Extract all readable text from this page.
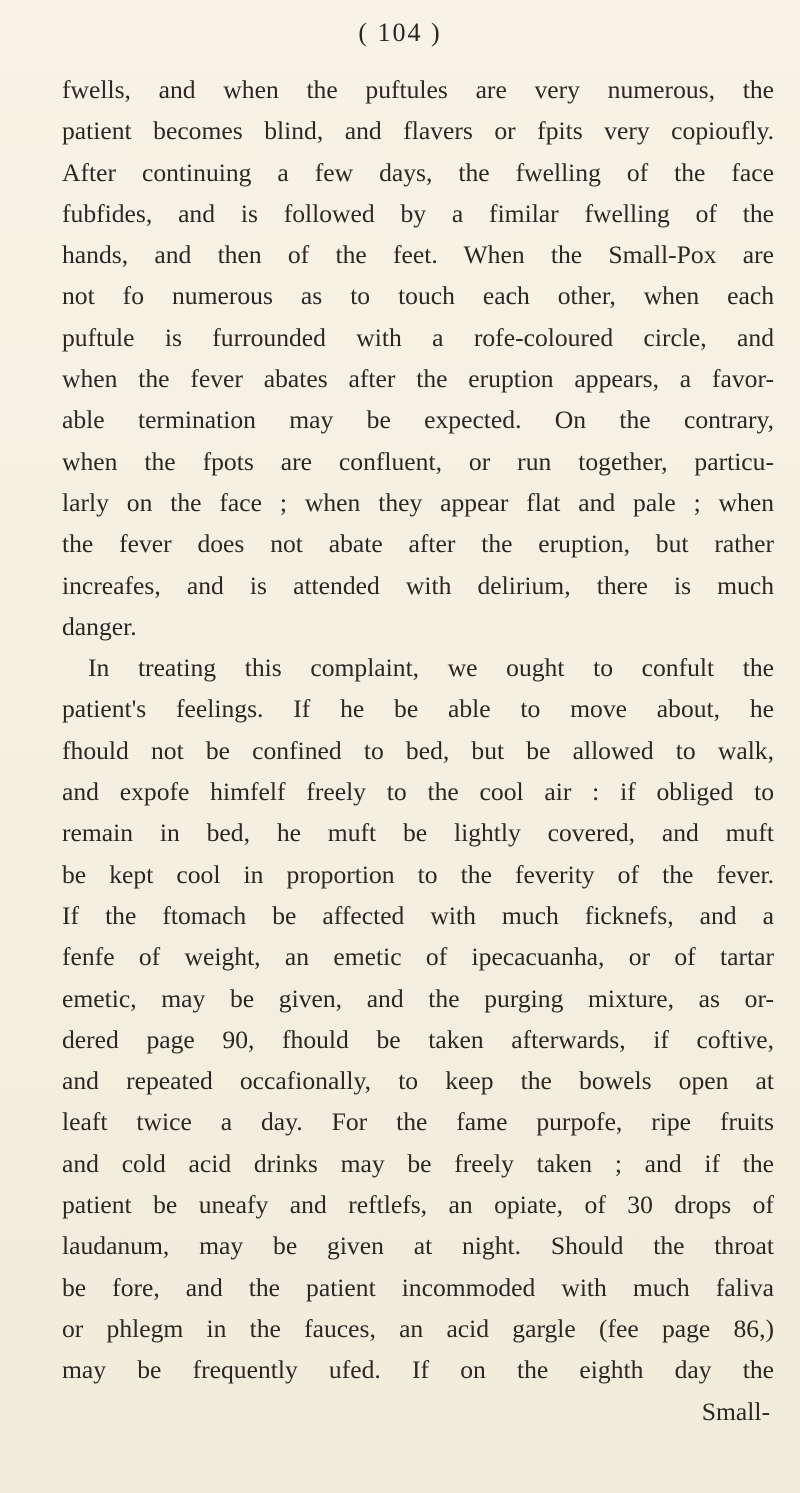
( 104 )
fwells, and when the puftules are very numerous, the
patient becomes blind, and flavers or fpits very copioufly.
After continuing a few days, the fwelling of the face
fubfides, and is followed by a fimilar fwelling of the
hands, and then of the feet. When the Small-Pox are
not fo numerous as to touch each other, when each
puftule is furrounded with a rofe-coloured circle, and
when the fever abates after the eruption appears, a favor-
able termination may be expected. On the contrary,
when the fpots are confluent, or run together, particu-
larly on the face ; when they appear flat and pale ; when
the fever does not abate after the eruption, but rather
increafes, and is attended with delirium, there is much
danger.
In treating this complaint, we ought to confult the
patient's feelings. If he be able to move about, he
fhould not be confined to bed, but be allowed to walk,
and expofe himfelf freely to the cool air : if obliged to
remain in bed, he muft be lightly covered, and muft
be kept cool in proportion to the feverity of the fever.
If the ftomach be affected with much ficknefs, and a
fenfe of weight, an emetic of ipecacuanha, or of tartar
emetic, may be given, and the purging mixture, as or-
dered page 90, fhould be taken afterwards, if coftive,
and repeated occafionally, to keep the bowels open at
leaft twice a day. For the fame purpofe, ripe fruits
and cold acid drinks may be freely taken ; and if the
patient be uneafy and reftlefs, an opiate, of 30 drops of
laudanum, may be given at night. Should the throat
be fore, and the patient incommoded with much faliva
or phlegm in the fauces, an acid gargle (fee page 86,)
may be frequently ufed. If on the eighth day the
Small-
